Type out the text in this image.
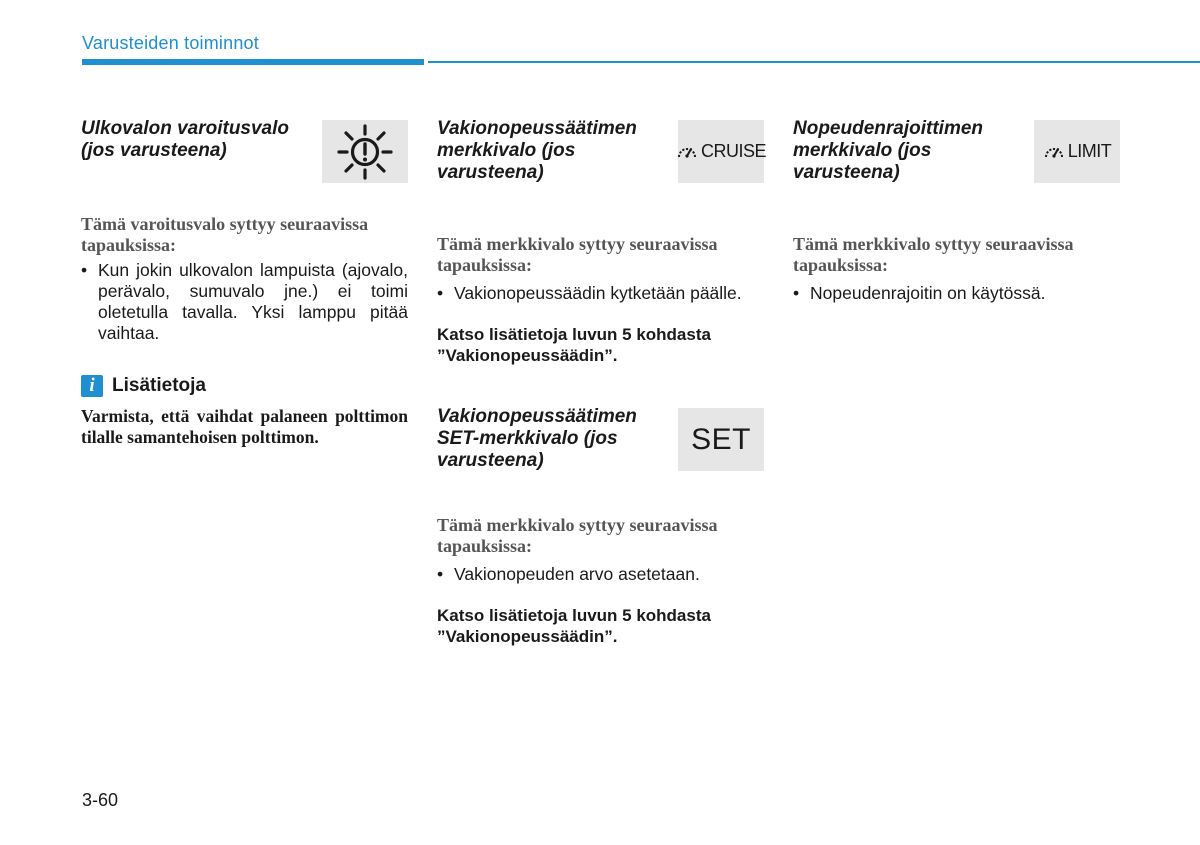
Varusteiden toiminnot
Ulkovalon varoitusvalo (jos varusteena)

Tämä varoitusvalo syttyy seuraavissa tapauksissa:

• Kun jokin ulkovalon lampuista (ajovalo, perävalo, sumuvalo jne.) ei toimi oletetulla tavalla. Yksi lamppu pitää vaihtaa.

i Lisätietoja

Varmista, että vaihdat palaneen polttimon tilalle samantehoisen polttimon.

Vakionopeussäätimen merkkivalo (jos varusteena)
CRUISE

Tämä merkkivalo syttyy seuraavissa tapauksissa:

• Vakionopeussäädin kytketään päälle.

Katso lisätietoja luvun 5 kohdasta ”Vakionopeussäädin”.

Vakionopeussäätimen SET-merkkivalo (jos varusteena)
SET

Tämä merkkivalo syttyy seuraavissa tapauksissa:

• Vakionopeuden arvo asetetaan.

Katso lisätietoja luvun 5 kohdasta ”Vakionopeussäädin”.

Nopeudenrajoittimen merkkivalo (jos varusteena)
LIMIT

Tämä merkkivalo syttyy seuraavissa tapauksissa:

• Nopeudenrajoitin on käytössä.

3-60
